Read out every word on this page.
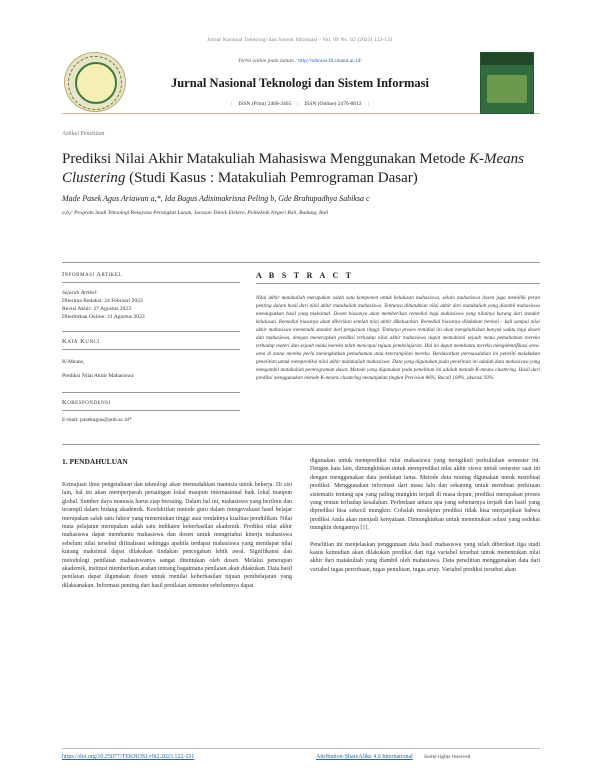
Jurnal Nasional Teknologi dan Sistem Informasi - Vol. 09 No. 02 (2023) 122-131
Terbit online pada laman : http://teknosi.fti.unand.ac.id/
Jurnal Nasional Teknologi dan Sistem Informasi
| ISSN (Print) 2460-3465 | ISSN (Online) 2476-8812 |
Artikel Penelitian
Prediksi Nilai Akhir Matakuliah Mahasiswa Menggunakan Metode K-Means Clustering (Studi Kasus : Matakuliah Pemrograman Dasar)
Made Pasek Agus Ariawan a,*, Ida Bagus Adisimakrisna Peling b, Gde Brahupadhya Subiksa c
a,b,c Program Studi Teknologi Rekayasa Perangkat Lunak, Jurusan Teknik Elektro, Politeknik Negeri Bali, Badung, Bali
Informasi Artikel
Sejarah Artikel:
Diterima Redaksi: 24 Februari 2023
Revisi Akhir: 27 Agustus 2023
Diterbitkan Online: 31 Agustus 2023
Kata Kunci
K-Means,
Prediksi Nilai Akhir Mahasiswa
Korespondensi
E-mail: pasekagus@pnb.ac.id*
A B S T R A C T
Nilai akhir matakuliah merupakan salah satu komponen untuk kelulusan mahasiswa, selain mahasiswa dosen juga memiliki peran penting dalam hasil dari nilai akhir matakuliah mahasiswa. Tentunya dibutuhkan nilai akhir dari matakuliah yang diambil mahasiswa mendapatkan hasil yang maksimal. Dosen biasanya akan memberikan remedial bagi mahasiswa yang nilainya kurang dari standar kelulusan. Remedial biasanya akan diberikan setelah nilai akhir dikeluarkan. Remedial biasanya dilakukan berkali – kali sampai nilai akhir mahasiswa memenuhi standar dari perguruan tinggi. Tentunya proses remidial ini akan menghabiskan banyak waktu bagi dosen dan mahasiswa, dengan menerapkan prediksi terhadap nilai akhir mahasiswa dapat memahami sejauh mana pemahaman mereka terhadap materi dan sejauh mana mereka telah mencapai tujuan pembelajaran. Hal ini dapat membantu mereka mengidentifikasi area-area di mana mereka perlu meningkatkan pemahaman atau keterampilan mereka. Berdasarkan permasalahan ini peneliti melakukan penelitian untuk memprediksi nilai akhir matakuliah mahasiswa. Data yang digunakan pada penelitian ini adalah data mahasiswa yang mengambil matakuliah pemrograman dasar. Metode yang digunakan pada penelitian ini adalah metode K-means clustering. Hasil dari prediksi menggunakan metode K-means clustering menunjukan tingkat Precision 86%, Recall 100%, akurasi 93%.
1. PENDAHULUAN
Kemajuan ilmu pengetahuan dan teknologi akan memudahkan manusia untuk bekerja. Di sisi lain, hal ini akan memperparah persaingan lokal maupun internasional baik lokal maupun global. Sumber daya manusia harus siap bersaing. Dalam hal ini, mahasiswa yang berilmu dan terampil dalam bidang akademik. Keefektifan metode guru dalam mengevaluasi hasil belajar merupakan salah satu faktor yang menentukan tinggi atau rendahnya kualitas pendidikan. Nilai mata pelajaran merupakan salah satu indikator keberhasilan akademik. Prediksi nilai akhir mahasiswa dapat membantu mahasiswa dan dosen untuk mengetahui kinerja mahasiswa sebelum nilai tersebut difinalisasi sehingga apabila terdapat mahasiswa yang mendapat nilai kurang maksimal dapat dilakukan tindakan pencegahan lebih awal. Signifikansi dan metodologi penilaian mahasiswanya sangat ditentukan oleh dosen. Melalui penerapan akademik, institusi memberikan arahan tentang bagaimana penilaian akan dilakukan. Data hasil penilaian dapat digunakan dosen untuk menilai keberhasilan tujuan pembelajaran yang dilaksanakan. Informasi penting dari hasil penilaian semester sebelumnya dapat
digunakan untuk memprediksi nilai mahasiswa yang mengikuti perkuliahan semester ini. Dengan kata lain, dimungkinkan untuk memprediksi nilai akhir siswa untuk semester saat ini dengan menggunakan data penilaian lama. Metode data mining digunakan untuk membuat prediksi. Menggunakan informasi dari masa lalu dan sekarang untuk membuat perkiraan sistematis tentang apa yang paling mungkin terjadi di masa depan, prediksi merupakan proses yang rentan terhadap kesalahan. Perbedaan antara apa yang sebenarnya terjadi dan hasil yang diprediksi bisa sekecil mungkin. Cobalah meskipun prediksi tidak bisa menjanjikan bahwa prediksi Anda akan menjadi kenyataan. Dimungkinkan untuk menemukan solusi yang sedekat mungkin dengannya [1].
Penelitian ini menjelaskan penggunaan data hasil mahasiswa yang telah diberikan tiga studi kasus kemudian akan dilakukan prediksi dari tiga variabel tersebut untuk menentukan nilai akhir dari matakuliah yang diambil oleh mahasiswa. Data penelitian menggunakan data dari variabel tugas percobaan, tugas penulisan, tugas array. Variabel prediksi tersebut akan
https://doi.org/10.25077/TEKNOSI.v9i2.2023.122-131	Attribution-ShareAlike 4.0 International Some rights reserved
